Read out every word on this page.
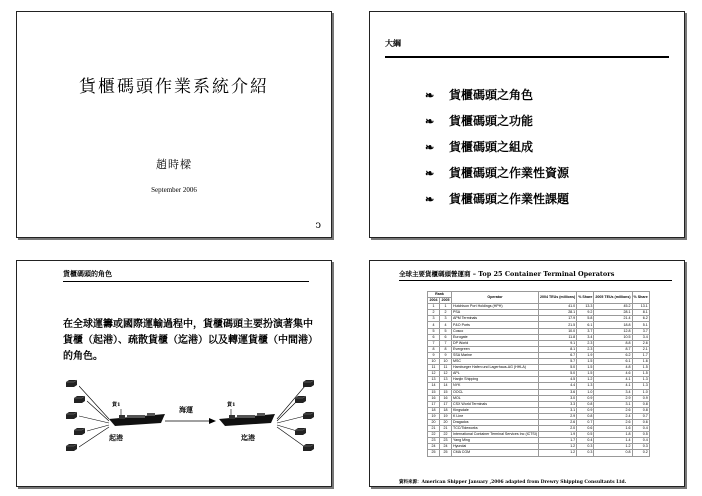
貨櫃碼頭作業系統介紹
趙時樑
September 2006
ↄ
大綱
❧ 貨櫃碼頭之角色
❧ 貨櫃碼頭之功能
❧ 貨櫃碼頭之組成
❧ 貨櫃碼頭之作業性資源
❧ 貨櫃碼頭之作業性課題
貨櫃碼頭的角色
在全球運籌或國際運輸過程中，貨櫃碼頭主要扮演著集中貨櫃（起港）、疏散貨櫃（迄港）以及轉運貨櫃（中間港）的角色。
貨1	海運	貨1
起港	迄港
全球主要貨櫃碼頭營運商 – Top 25 Container Terminal Operators
Rank		Operator	2004 TEUs (millions)	% Share	2005 TEUs (millions)	% Share
2004	2005					
1	1	Hutchison Port Holdings (HPH)	41.0	13.3	45.2	13.1
2	2	PSA	28.1	9.2	28.1	8.1
3	3	APM Terminals	17.9	5.8	21.4	6.2
4	4	P&O Ports	21.5	6.1	18.8	5.1
5	5	Cosco	10.0	3.7	12.8	3.7
6	6	Eurogate	11.8	3.4	10.5	3.4
7	7	DP World	9.1	2.3	8.8	2.6
8	8	Evergreen	8.1	2.3	8.7	2.1
9	9	SSA Marine	6.7	1.9	6.2	1.7
10	10	MSC	5.7	1.5	6.1	1.6
11	11	Hamburger Hafen und Lagerhaus-AG (HHLA)	5.0	1.5	4.8	1.5
12	12	APL	5.0	1.5	4.6	1.5
13	13	Hanjin Shipping	4.5	1.2	4.1	1.3
14	14	NYK	4.4	1.3	4.1	1.3
15	15	OOCL	3.6	1.0	3.4	1.0
16	16	MOL	3.0	0.9	2.9	0.9
17	17	CSX World Terminals	3.3	0.8	3.1	0.8
18	18	Kingsdale	3.1	0.9	2.6	0.8
19	19	K Line	2.9	0.8	2.4	0.7
20	20	Dragados	2.6	0.7	2.6	0.6
21	21	TCC/Tideworks	2.0	0.6	1.6	0.4
22	22	International Container Terminal Services Inc (ICTSI)	1.9	0.5	1.8	0.5
23	23	Yang Ming	1.7	0.4	1.4	0.4
24	24	Hyundai	1.2	0.3	1.2	0.3
25	25	CMA CGM	1.2	0.3	0.8	0.2
資料來源：American Shipper January ,2006 adapted from Drewry Shipping Consultants Ltd.
